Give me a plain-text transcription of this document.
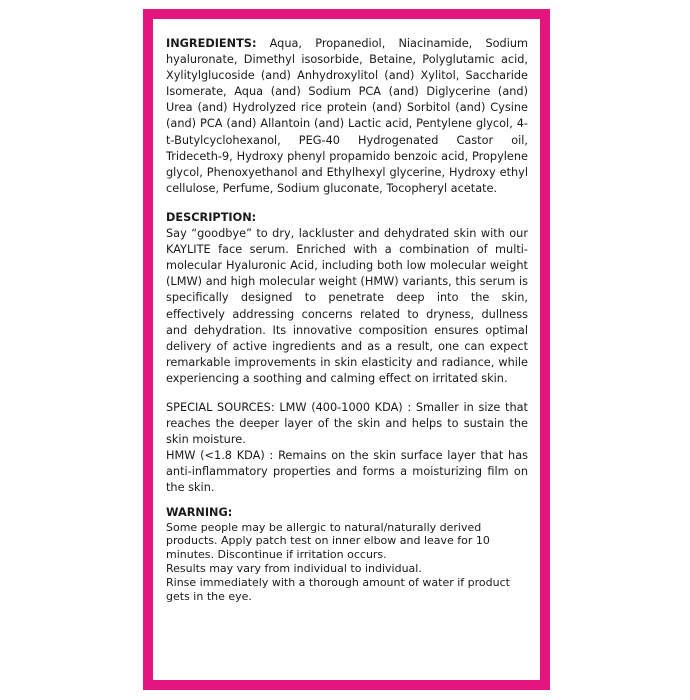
INGREDIENTS: Aqua, Propanediol, Niacinamide, Sodium hyaluronate, Dimethyl isosorbide, Betaine, Polyglutamic acid, Xylitylglucoside (and) Anhydroxylitol (and) Xylitol, Saccharide Isomerate, Aqua (and) Sodium PCA (and) Diglycerine (and) Urea (and) Hydrolyzed rice protein (and) Sorbitol (and) Cysine (and) PCA (and) Allantoin (and) Lactic acid, Pentylene glycol, 4-t-Butylcyclohexanol, PEG-40 Hydrogenated Castor oil, Trideceth-9, Hydroxy phenyl propamido benzoic acid, Propylene glycol, Phenoxyethanol and Ethylhexyl glycerine, Hydroxy ethyl cellulose, Perfume, Sodium gluconate, Tocopheryl acetate.

DESCRIPTION:

Say “goodbye” to dry, lackluster and dehydrated skin with our KAYLITE face serum. Enriched with a combination of multi-molecular Hyaluronic Acid, including both low molecular weight (LMW) and high molecular weight (HMW) variants, this serum is specifically designed to penetrate deep into the skin, effectively addressing concerns related to dryness, dullness and dehydration. Its innovative composition ensures optimal delivery of active ingredients and as a result, one can expect remarkable improvements in skin elasticity and radiance, while experiencing a soothing and calming effect on irritated skin.

SPECIAL SOURCES: LMW (400-1000 KDA) : Smaller in size that reaches the deeper layer of the skin and helps to sustain the skin moisture.

HMW (<1.8 KDA) : Remains on the skin surface layer that has anti-inflammatory properties and forms a moisturizing film on the skin.

WARNING:
Some people may be allergic to natural/naturally derived products. Apply patch test on inner elbow and leave for 10 minutes. Discontinue if irritation occurs.
Results may vary from individual to individual.
Rinse immediately with a thorough amount of water if product gets in the eye.
